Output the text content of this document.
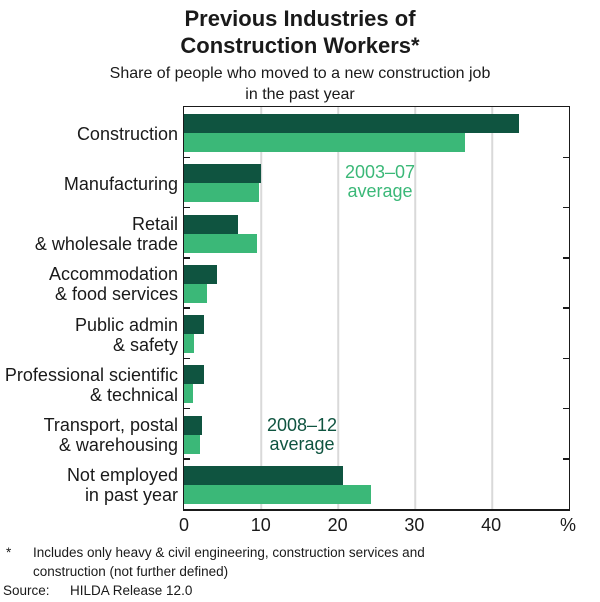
Previous Industries of
Construction Workers*
Share of people who moved to a new construction job
in the past year
Construction
Manufacturing
Retail
& wholesale trade
Accommodation
& food services
Public admin
& safety
Professional scientific
& technical
Transport, postal
& warehousing
Not employed
in past year
2003–07
average
2008–12
average
0	10	20	30	40	%
* Includes only heavy & civil engineering, construction services and
construction (not further defined)
Source: HILDA Release 12.0
